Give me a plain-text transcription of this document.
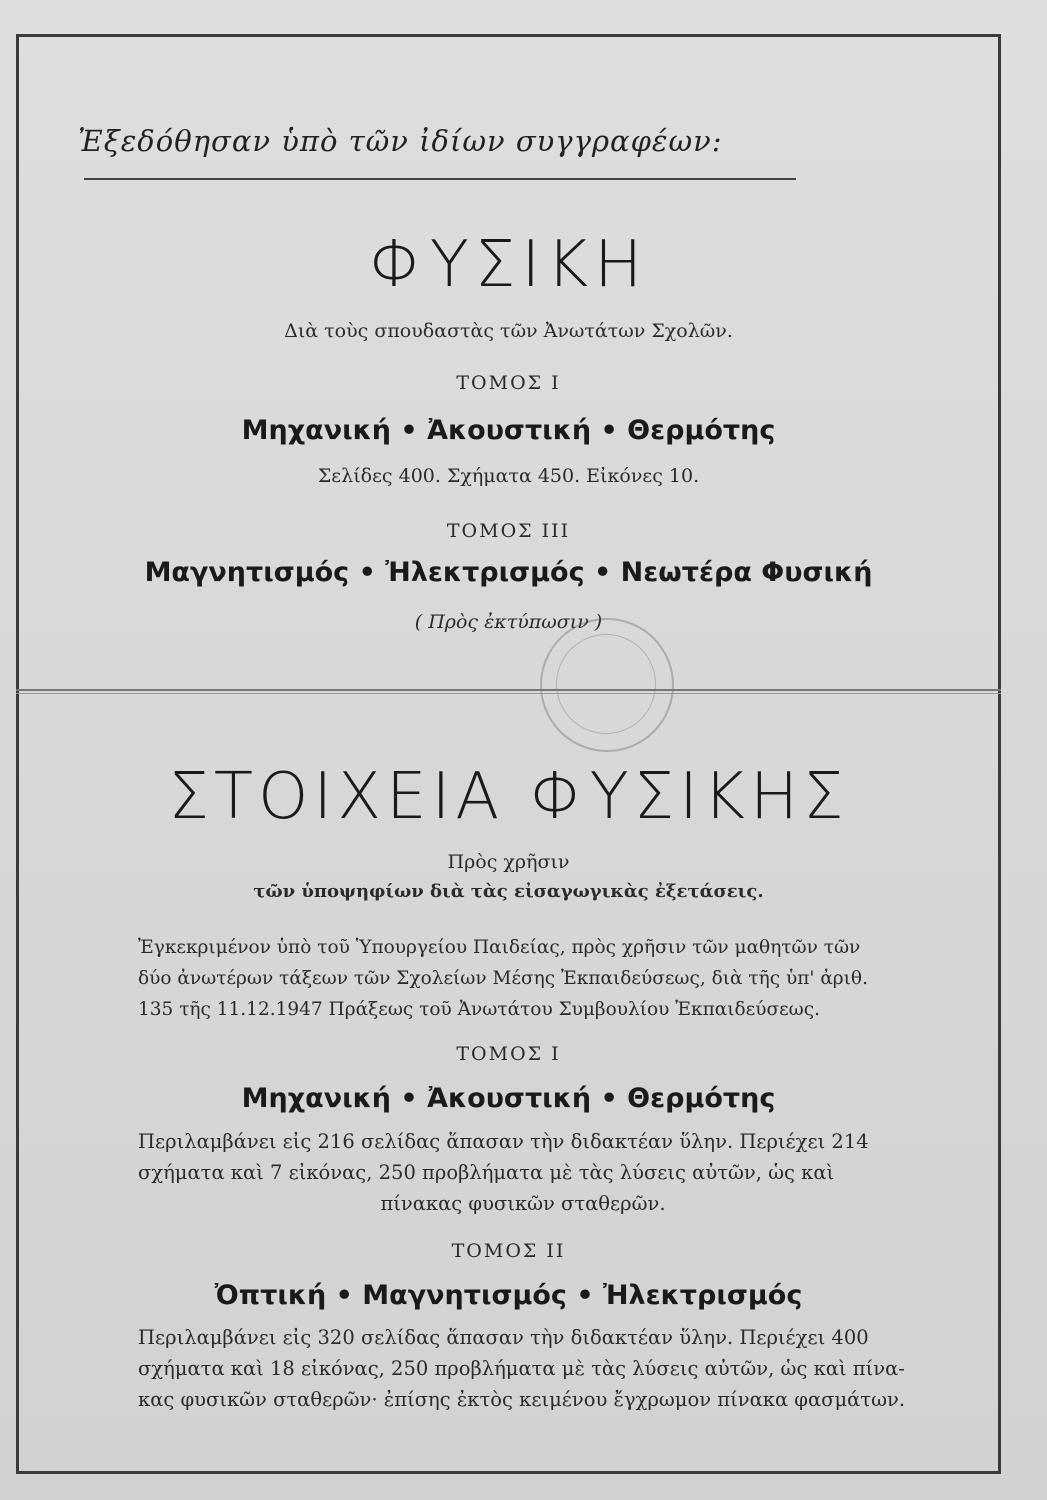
Ἐξεδόθησαν ὑπὸ τῶν ἰδίων συγγραφέων:
ΦΥΣΙΚΗ
Διὰ τοὺς σπουδαστὰς τῶν Ἀνωτάτων Σχολῶν.
ΤΟΜΟΣ Ι
Μηχανική • Ἀκουστική • Θερμότης
Σελίδες 400. Σχήματα 450. Εἰκόνες 10.
ΤΟΜΟΣ ΙΙΙ
Μαγνητισμός • Ἠλεκτρισμός • Νεωτέρα Φυσική
( Πρὸς ἐκτύπωσιν )
ΣΤΟΙΧΕΙΑ ΦΥΣΙΚΗΣ
Πρὸς χρῆσιν
τῶν ὑποψηφίων διὰ τὰς εἰσαγωγικὰς ἐξετάσεις.
Ἐγκεκριμένον ὑπὸ τοῦ Ὑπουργείου Παιδείας, πρὸς χρῆσιν τῶν μαθητῶν τῶν
δύο ἀνωτέρων τάξεων τῶν Σχολείων Μέσης Ἐκπαιδεύσεως, διὰ τῆς ὑπ' ἀριθ.
135 τῆς 11.12.1947 Πράξεως τοῦ Ἀνωτάτου Συμβουλίου Ἐκπαιδεύσεως.
ΤΟΜΟΣ Ι
Μηχανική • Ἀκουστική • Θερμότης
Περιλαμβάνει εἰς 216 σελίδας ἅπασαν τὴν διδακτέαν ὕλην. Περιέχει 214
σχήματα καὶ 7 εἰκόνας, 250 προβλήματα μὲ τὰς λύσεις αὐτῶν, ὡς καὶ
πίνακας φυσικῶν σταθερῶν.
ΤΟΜΟΣ ΙΙ
Ὀπτική • Μαγνητισμός • Ἠλεκτρισμός
Περιλαμβάνει εἰς 320 σελίδας ἅπασαν τὴν διδακτέαν ὕλην. Περιέχει 400
σχήματα καὶ 18 εἰκόνας, 250 προβλήματα μὲ τὰς λύσεις αὐτῶν, ὡς καὶ πίνα-
κας φυσικῶν σταθερῶν· ἐπίσης ἐκτὸς κειμένου ἔγχρωμον πίνακα φασμάτων.
